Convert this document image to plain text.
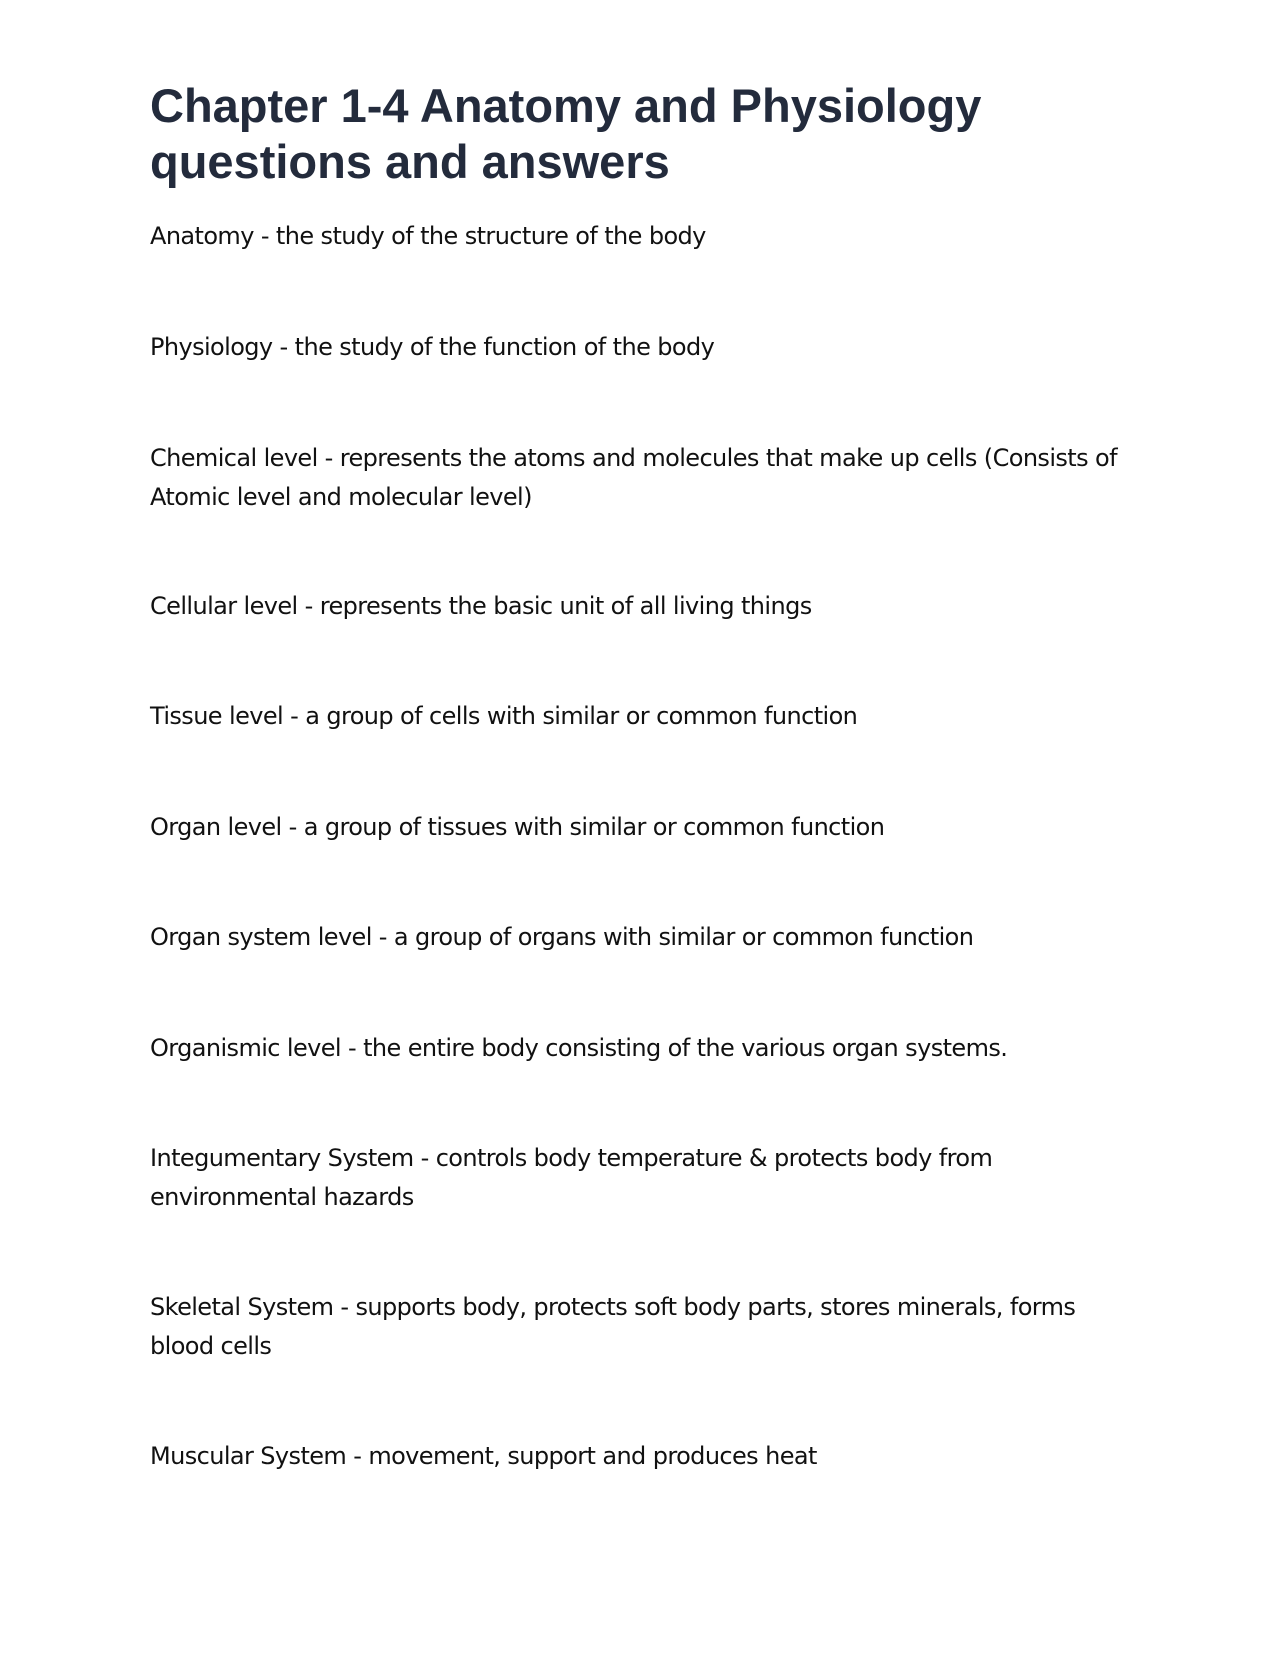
Chapter 1-4 Anatomy and Physiology questions and answers

Anatomy - the study of the structure of the body

Physiology - the study of the function of the body

Chemical level - represents the atoms and molecules that make up cells (Consists of Atomic level and molecular level)

Cellular level - represents the basic unit of all living things

Tissue level - a group of cells with similar or common function

Organ level - a group of tissues with similar or common function

Organ system level - a group of organs with similar or common function

Organismic level - the entire body consisting of the various organ systems.

Integumentary System - controls body temperature & protects body from environmental hazards

Skeletal System - supports body, protects soft body parts, stores minerals, forms blood cells

Muscular System - movement, support and produces heat
